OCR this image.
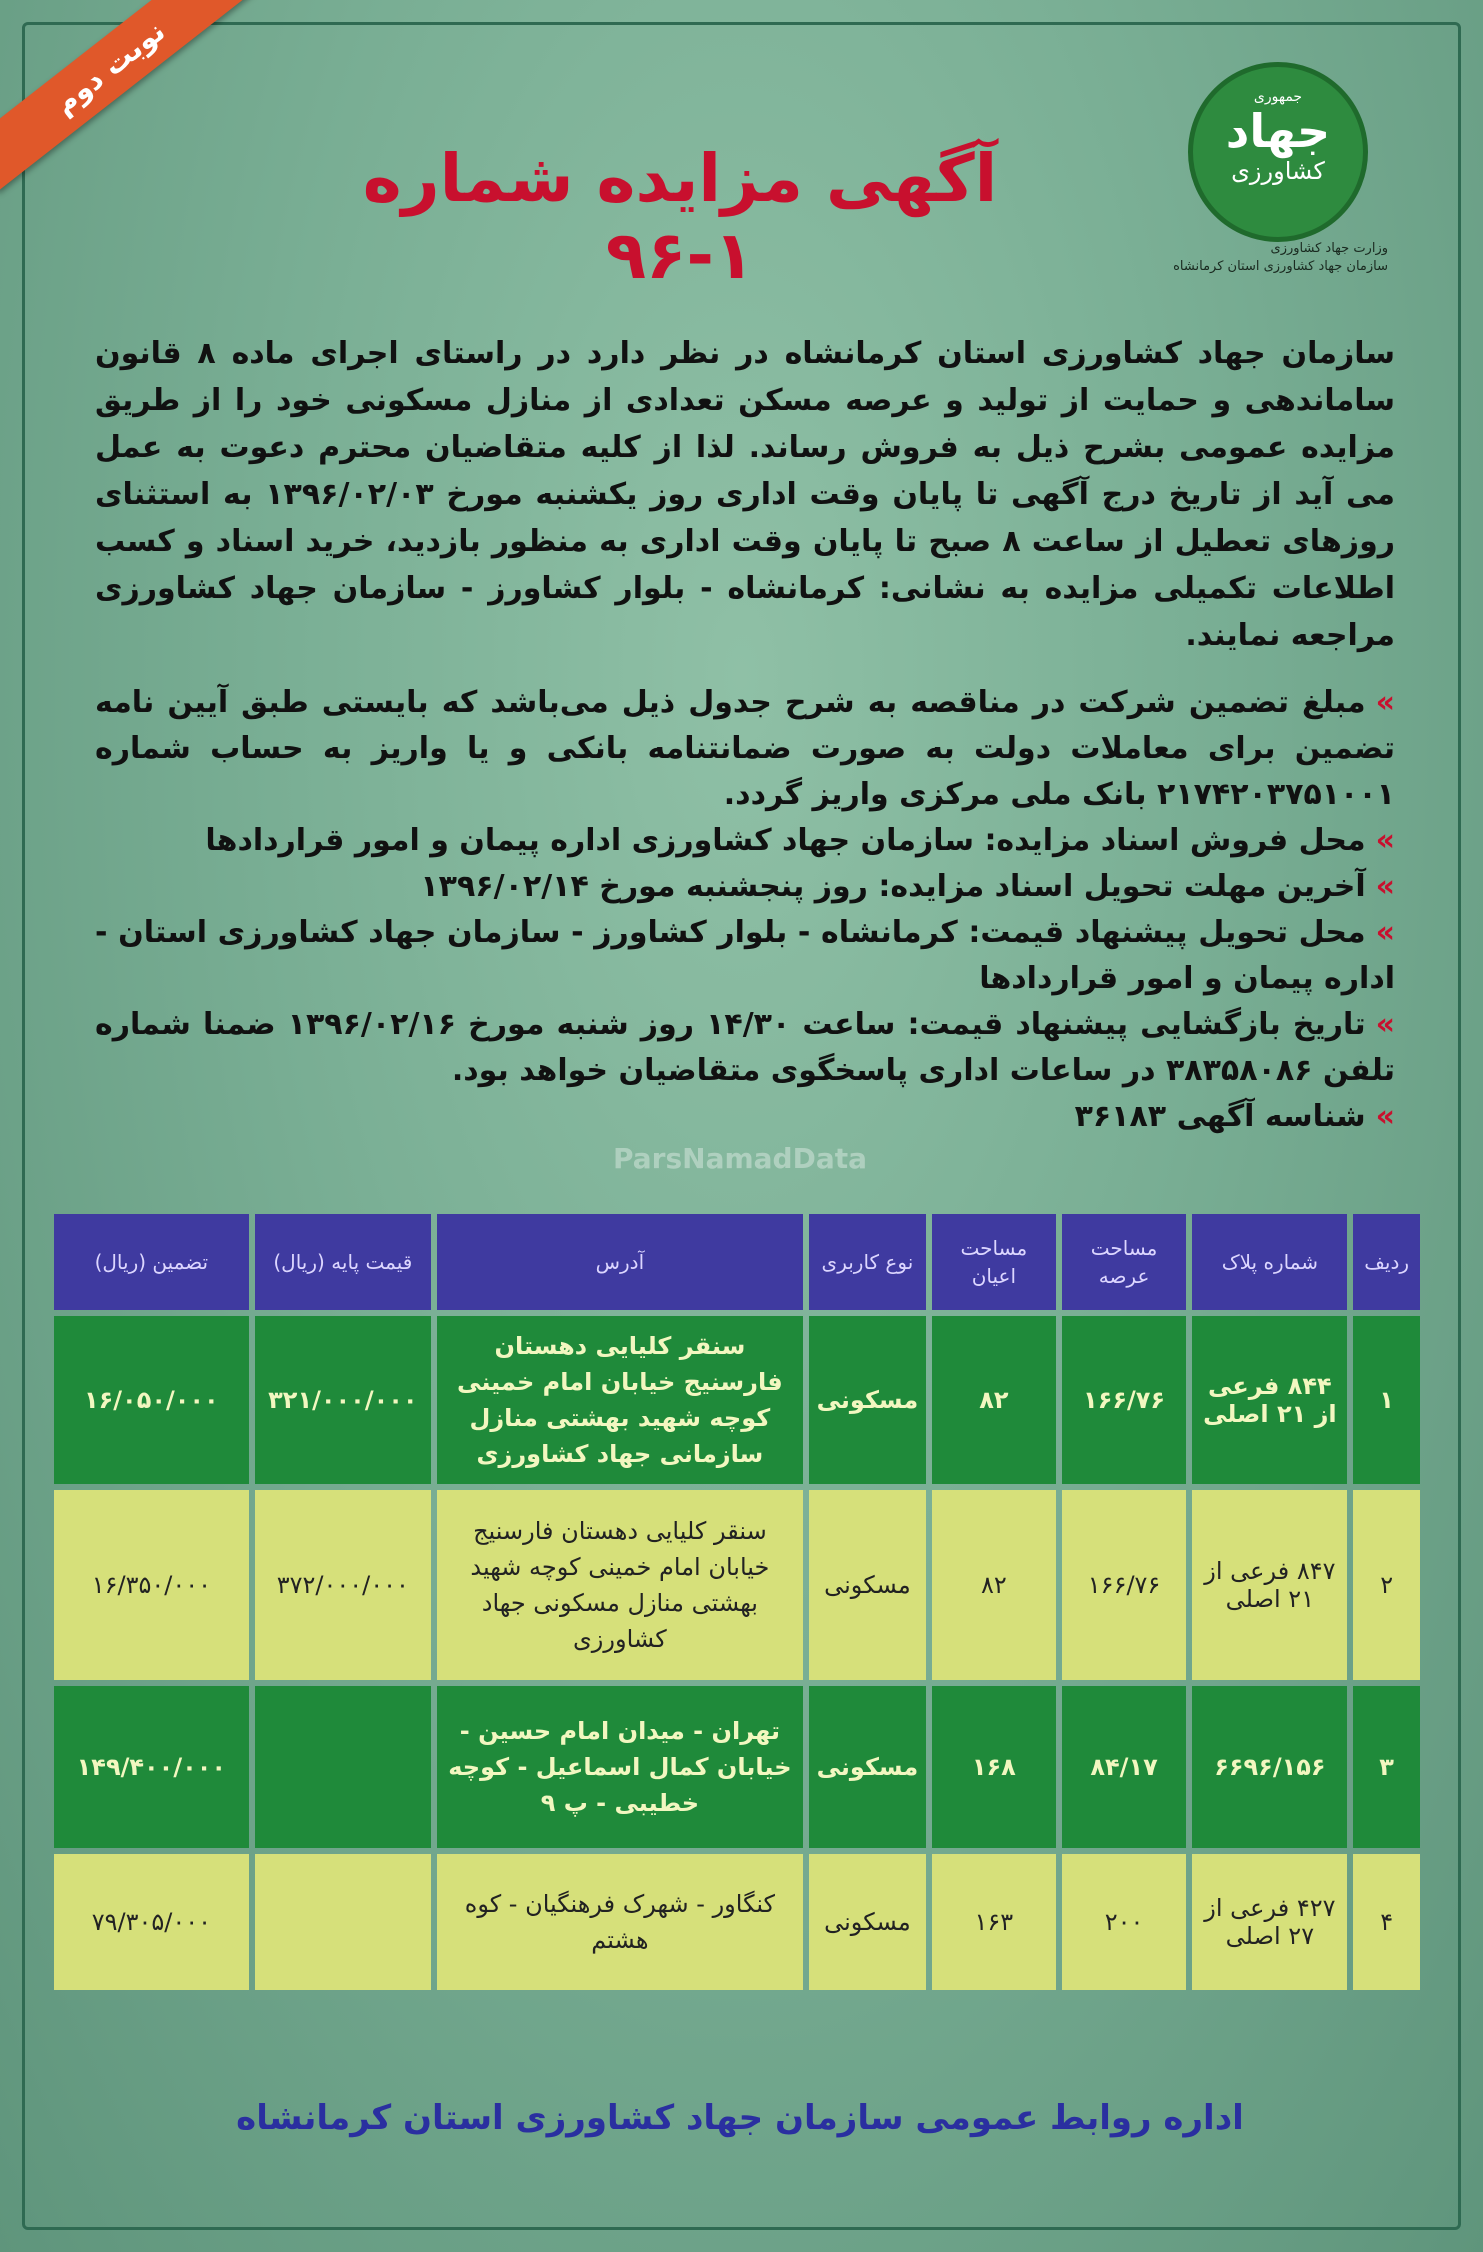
نوبت دوم	جمهوری
جهاد
کشاورزی
وزارت جهاد کشاورزی
سازمان جهاد کشاورزی استان کرمانشاه
آگهی مزایده شماره ۱-۹۶
سازمان جهاد کشاورزی استان کرمانشاه در نظر دارد در راستای اجرای ماده ۸ قانون ساماندهی و حمایت از تولید و عرصه مسکن تعدادی از منازل مسکونی خود را از طریق مزایده عمومی بشرح ذیل به فروش رساند. لذا از کلیه متقاضیان محترم دعوت به عمل می آید از تاریخ درج آگهی تا پایان وقت اداری روز یکشنبه مورخ ۱۳۹۶/۰۲/۰۳ به استثنای روزهای تعطیل از ساعت ۸ صبح تا پایان وقت اداری به منظور بازدید، خرید اسناد و کسب اطلاعات تکمیلی مزایده به نشانی: کرمانشاه - بلوار کشاورز - سازمان جهاد کشاورزی مراجعه نمایند.

»مبلغ تضمین شرکت در مناقصه به شرح جدول ذیل می‌باشد که بایستی طبق آیین نامه تضمین برای معاملات دولت به صورت ضمانتنامه بانکی و یا واریز به حساب شماره ۲۱۷۴۲۰۳۷۵۱۰۰۱ بانک ملی مرکزی واریز گردد.

»محل فروش اسناد مزایده: سازمان جهاد کشاورزی اداره پیمان و امور قراردادها

»آخرین مهلت تحویل اسناد مزایده: روز پنجشنبه مورخ ۱۳۹۶/۰۲/۱۴

»محل تحویل پیشنهاد قیمت: کرمانشاه - بلوار کشاورز - سازمان جهاد کشاورزی استان - اداره پیمان و امور قراردادها

»تاریخ بازگشایی پیشنهاد قیمت: ساعت ۱۴/۳۰ روز شنبه مورخ ۱۳۹۶/۰۲/۱۶ ضمنا شماره تلفن ۳۸۳۵۸۰۸۶ در ساعات اداری پاسخگوی متقاضیان خواهد بود.

»شناسه آگهی ۳۶۱۸۳

ParsNamadData
ردیف	شماره پلاک	مساحت عرصه	مساحت اعیان	نوع کاربری	آدرس	قیمت پایه (ریال)	تضمین (ریال)
۱	۸۴۴ فرعی از ۲۱ اصلی	۱۶۶/۷۶	۸۲	مسکونی	سنقر کلیایی دهستان فارسنیج خیابان امام خمینی کوچه شهید بهشتی منازل سازمانی جهاد کشاورزی	۳۲۱/۰۰۰/۰۰۰	۱۶/۰۵۰/۰۰۰
۲	۸۴۷ فرعی از ۲۱ اصلی	۱۶۶/۷۶	۸۲	مسکونی	سنقر کلیایی دهستان فارسنیج خیابان امام خمینی کوچه شهید بهشتی منازل مسکونی جهاد کشاورزی	۳۷۲/۰۰۰/۰۰۰	۱۶/۳۵۰/۰۰۰
۳	۶۶۹۶/۱۵۶	۸۴/۱۷	۱۶۸	مسکونی	تهران - میدان امام حسین - خیابان کمال اسماعیل - کوچه خطیبی - پ ۹		۱۴۹/۴۰۰/۰۰۰
۴	۴۲۷ فرعی از ۲۷ اصلی	۲۰۰	۱۶۳	مسکونی	کنگاور - شهرک فرهنگیان - کوه هشتم		۷۹/۳۰۵/۰۰۰
اداره روابط عمومی سازمان جهاد کشاورزی استان کرمانشاه
